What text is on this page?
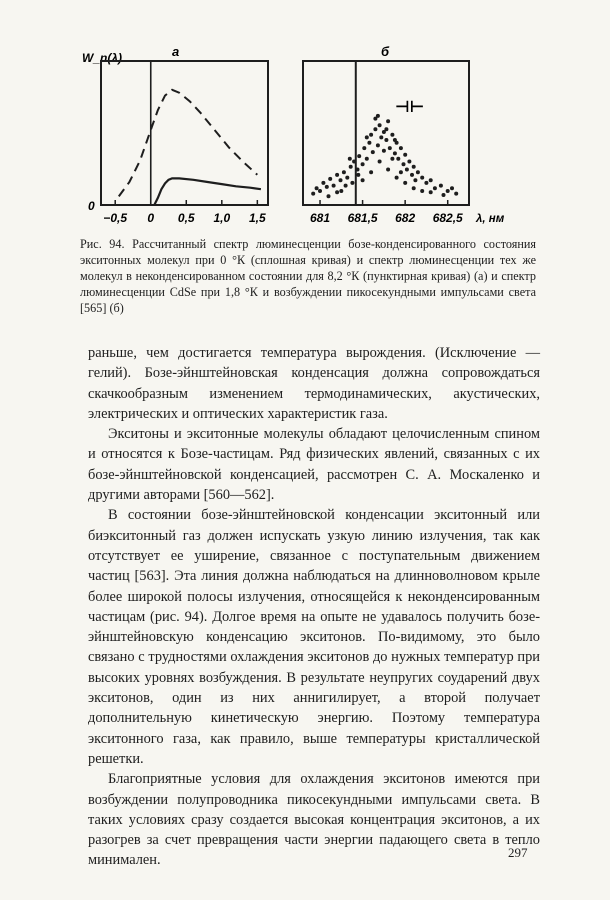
W_n(λ)	а
0
−0,5 0 0,5 1,0 1,5
б
⊣⊢
681 681,5 682 682,5 λ, нм

Рис. 94. Рассчитанный спектр люминесценции бозе-конденсированного состояния экситонных молекул при 0 °К (сплошная кривая) и спектр люминесценции тех же молекул в неконденсированном состоянии для 8,2 °К (пунктирная кривая) (а) и спектр люминесценции CdSe при 1,8 °К и возбуждении пикосекундными импульсами света [565] (б)

раньше, чем достигается температура вырождения. (Исключение — гелий). Бозе-эйнштейновская конденсация должна сопровождаться скачкообразным изменением термодинамических, акустических, электрических и оптических характеристик газа.

Экситоны и экситонные молекулы обладают целочисленным спином и относятся к Бозе-частицам. Ряд физических явлений, связанных с их бозе-эйнштейновской конденсацией, рассмотрен С. А. Москаленко и другими авторами [560—562].

В состоянии бозе-эйнштейновской конденсации экситонный или биэкситонный газ должен испускать узкую линию излучения, так как отсутствует ее уширение, связанное с поступательным движением частиц [563]. Эта линия должна наблюдаться на длинноволновом крыле более широкой полосы излучения, относящейся к неконденсированным частицам (рис. 94). Долгое время на опыте не удавалось получить бозе-эйнштейновскую конденсацию экситонов. По-видимому, это было связано с трудностями охлаждения экситонов до нужных температур при высоких уровнях возбуждения. В результате неупругих соударений двух экситонов, один из них аннигилирует, а второй получает дополнительную кинетическую энергию. Поэтому температура экситонного газа, как правило, выше температуры кристаллической решетки.

Благоприятные условия для охлаждения экситонов имеются при возбуждении полупроводника пикосекундными импульсами света. В таких условиях сразу создается высокая концентрация экситонов, а их разогрев за счет превращения части энергии падающего света в тепло минимален.	297
